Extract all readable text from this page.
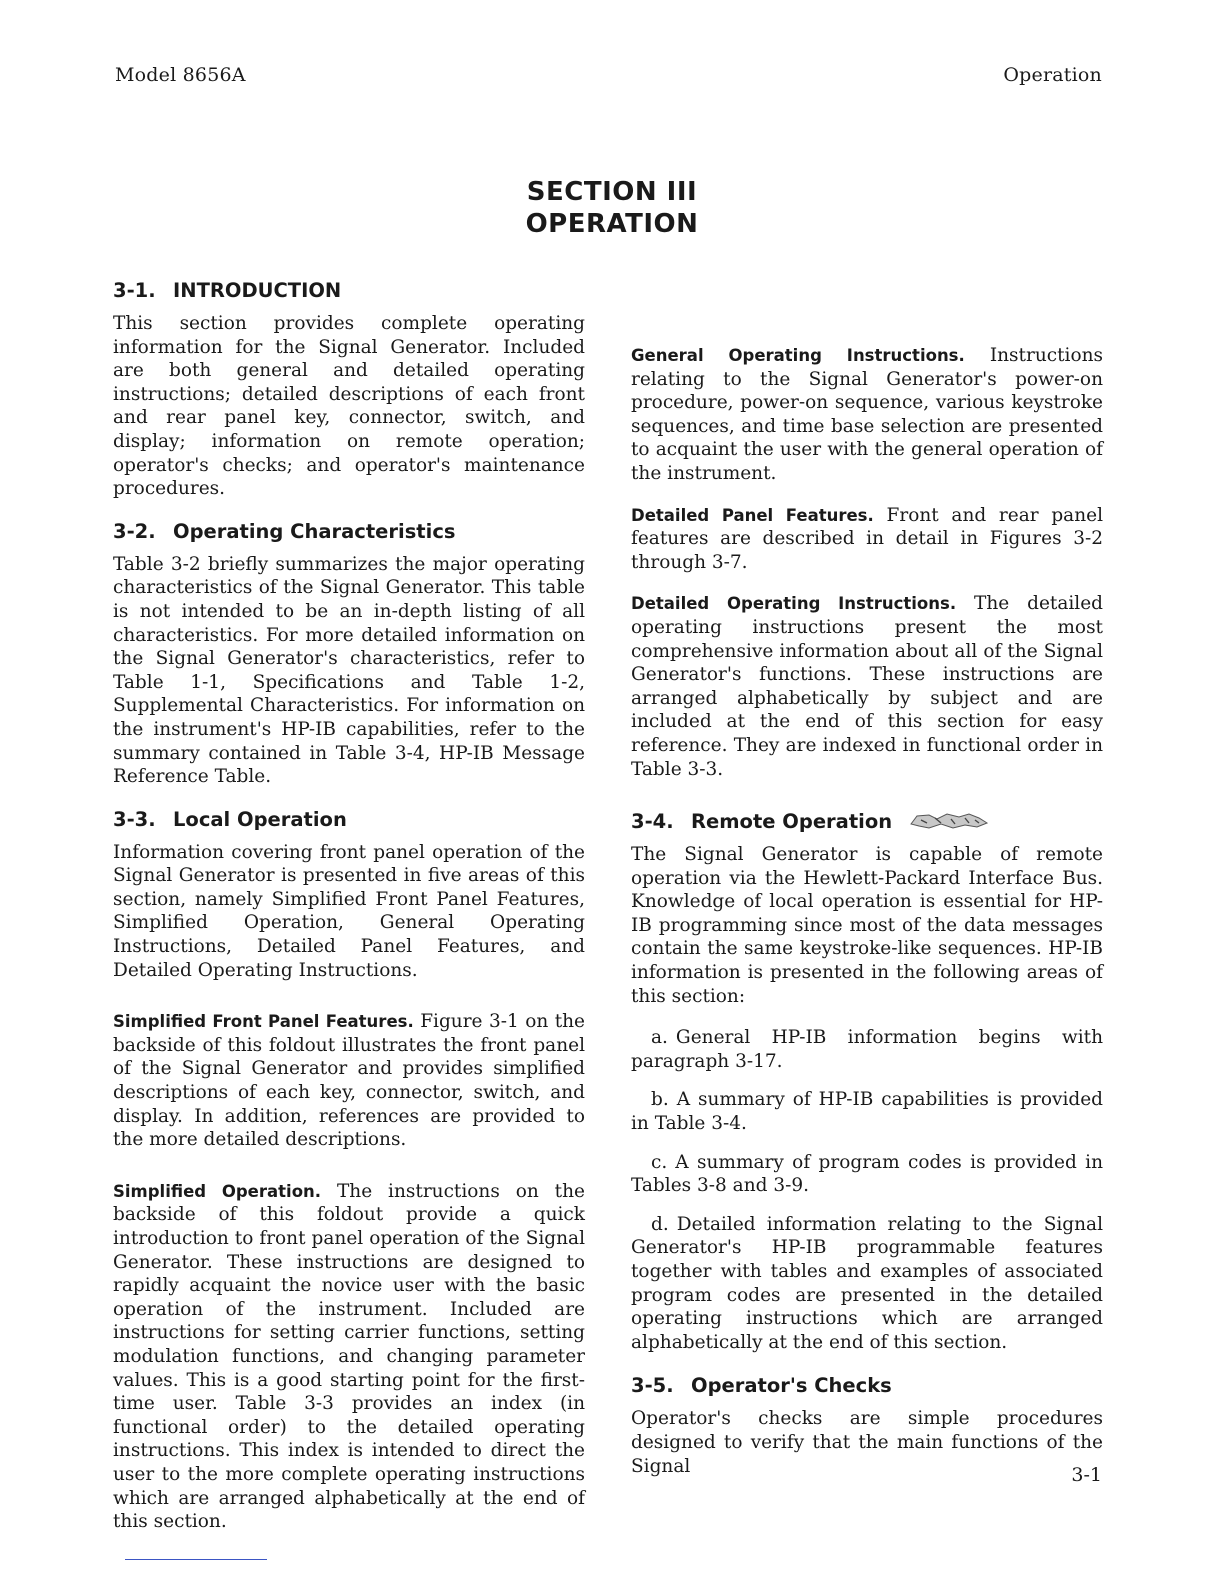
Model 8656A	Operation
SECTION III
OPERATION
3-1. INTRODUCTION

This section provides complete operating information for the Signal Generator. Included are both general and detailed operating instructions; detailed descriptions of each front and rear panel key, connector, switch, and display; information on remote operation; operator's checks; and operator's maintenance procedures.

3-2. Operating Characteristics

Table 3-2 briefly summarizes the major operating characteristics of the Signal Generator. This table is not intended to be an in-depth listing of all characteristics. For more detailed information on the Signal Generator's characteristics, refer to Table 1-1, Specifications and Table 1-2, Supplemental Characteristics. For information on the instrument's HP-IB capabilities, refer to the summary contained in Table 3-4, HP-IB Message Reference Table.

3-3. Local Operation

Information covering front panel operation of the Signal Generator is presented in five areas of this section, namely Simplified Front Panel Features, Simplified Operation, General Operating Instructions, Detailed Panel Features, and Detailed Operating Instructions.

Simplified Front Panel Features. Figure 3-1 on the backside of this foldout illustrates the front panel of the Signal Generator and provides simplified descriptions of each key, connector, switch, and display. In addition, references are provided to the more detailed descriptions.

Simplified Operation. The instructions on the backside of this foldout provide a quick introduction to front panel operation of the Signal Generator. These instructions are designed to rapidly acquaint the novice user with the basic operation of the instrument. Included are instructions for setting carrier functions, setting modulation functions, and changing parameter values. This is a good starting point for the first-time user. Table 3-3 provides an index (in functional order) to the detailed operating instructions. This index is intended to direct the user to the more complete operating instructions which are arranged alphabetically at the end of this section.

General Operating Instructions. Instructions relating to the Signal Generator's power-on procedure, power-on sequence, various keystroke sequences, and time base selection are presented to acquaint the user with the general operation of the instrument.

Detailed Panel Features. Front and rear panel features are described in detail in Figures 3-2 through 3-7.

Detailed Operating Instructions. The detailed operating instructions present the most comprehensive information about all of the Signal Generator's functions. These instructions are arranged alphabetically by subject and are included at the end of this section for easy reference. They are indexed in functional order in Table 3-3.

3-4. Remote Operation

The Signal Generator is capable of remote operation via the Hewlett-Packard Interface Bus. Knowledge of local operation is essential for HP-IB programming since most of the data messages contain the same keystroke-like sequences. HP-IB information is presented in the following areas of this section:

a. General HP-IB information begins with paragraph 3-17.

b. A summary of HP-IB capabilities is provided in Table 3-4.

c. A summary of program codes is provided in Tables 3-8 and 3-9.

d. Detailed information relating to the Signal Generator's HP-IB programmable features together with tables and examples of associated program codes are presented in the detailed operating instructions which are arranged alphabetically at the end of this section.

3-5. Operator's Checks

Operator's checks are simple procedures designed to verify that the main functions of the Signal	3-1
